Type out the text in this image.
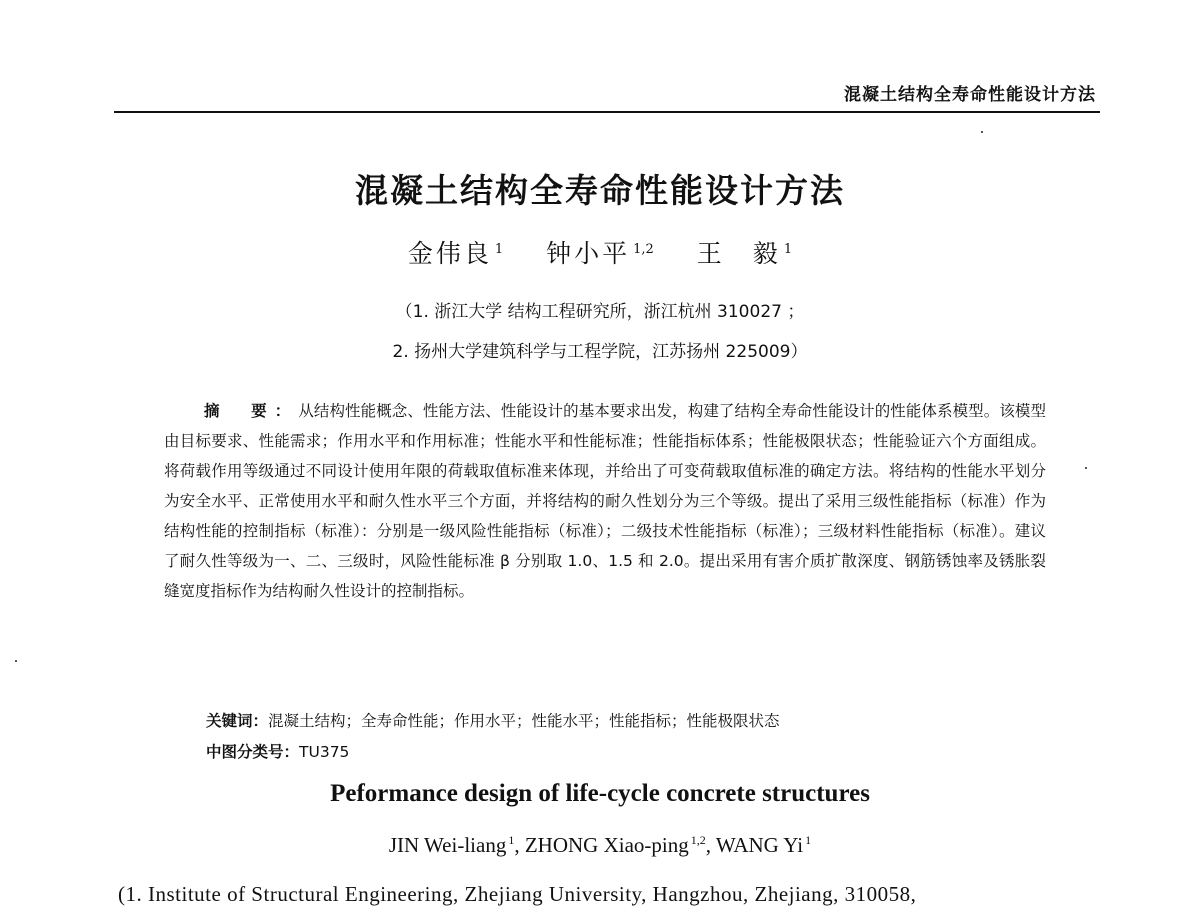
混凝土结构全寿命性能设计方法
混凝土结构全寿命性能设计方法
金伟良 $^1$ 钟小平 $^{1,2}$ 王　毅 $^1$
（1. 浙江大学 结构工程研究所，浙江杭州 310027 ；
2. 扬州大学建筑科学与工程学院，江苏扬州 225009）
摘　要：从结构性能概念、性能方法、性能设计的基本要求出发，构建了结构全寿命性能设计的性能体系模型。该模型由目标要求、性能需求；作用水平和作用标准；性能水平和性能标准；性能指标体系；性能极限状态；性能验证六个方面组成。将荷载作用等级通过不同设计使用年限的荷载取值标准来体现，并给出了可变荷载取值标准的确定方法。将结构的性能水平划分为安全水平、正常使用水平和耐久性水平三个方面，并将结构的耐久性划分为三个等级。提出了采用三级性能指标（标准）作为结构性能的控制指标（标准）：分别是一级风险性能指标（标准）；二级技术性能指标（标准）；三级材料性能指标（标准）。建议了耐久性等级为一、二、三级时，风险性能标准 β 分别取 1.0、1.5 和 2.0。提出采用有害介质扩散深度、钢筋锈蚀率及锈胀裂缝宽度指标作为结构耐久性设计的控制指标。
关键词：混凝土结构；全寿命性能；作用水平；性能水平；性能指标；性能极限状态
中图分类号：TU375
Peformance design of life-cycle concrete structures
JIN Wei-liang $^1$, ZHONG Xiao-ping $^{1,2}$, WANG Yi $^1$
(1. Institute of Structural Engineering, Zhejiang University, Hangzhou, Zhejiang, 310058,
